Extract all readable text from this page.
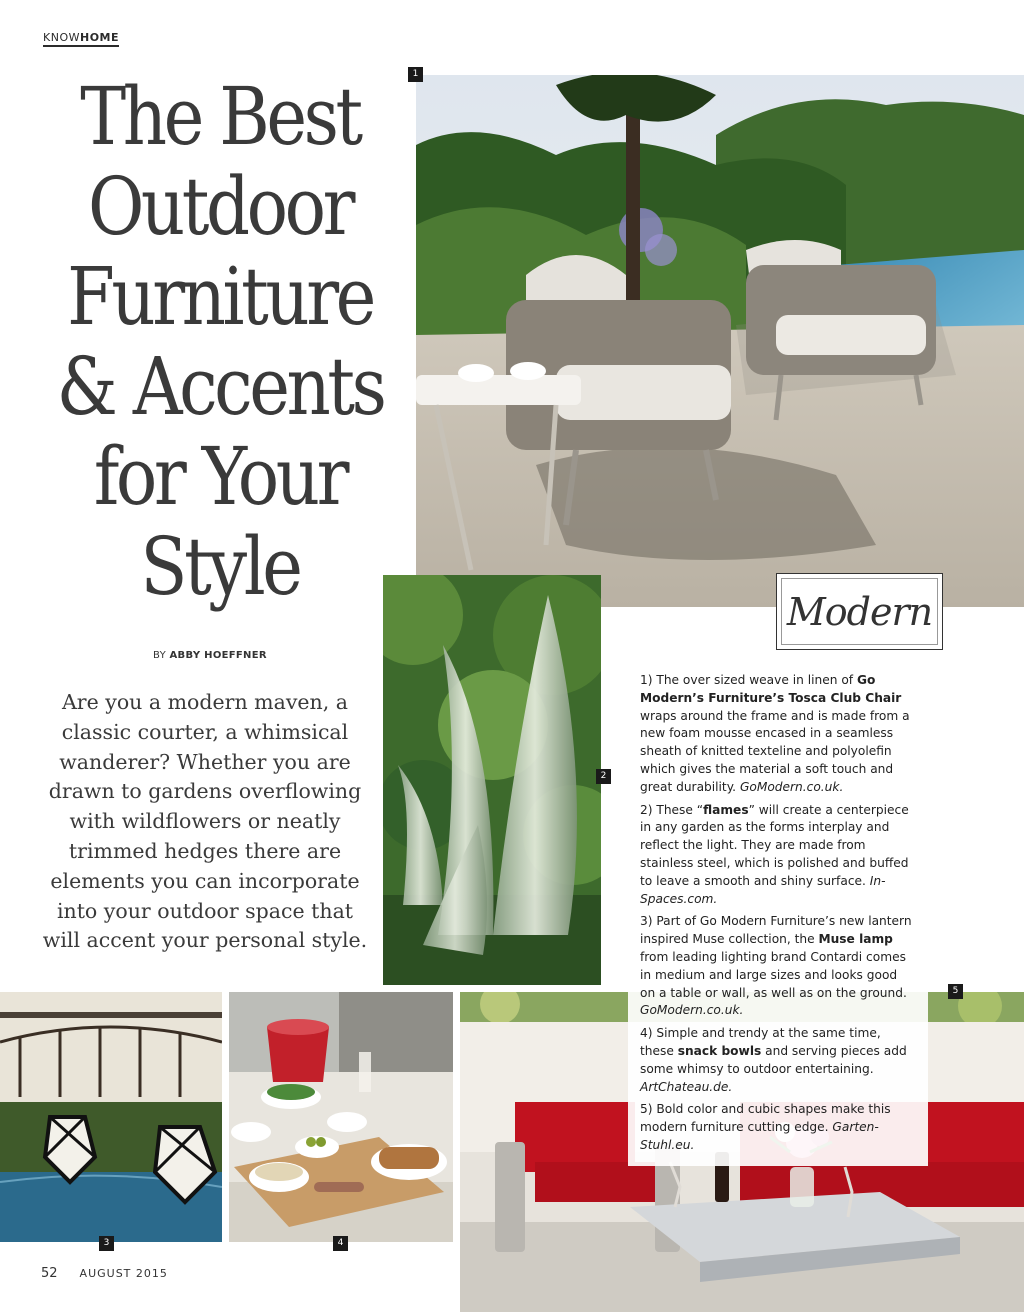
KNOWHOME
The Best
Outdoor
Furniture
& Accents
for Your
Style
BY ABBY HOEFFNER

Are you a modern maven, a classic courter, a whimsical wanderer? Whether you are drawn to gardens overflowing with wildflowers or neatly trimmed hedges there are elements you can incorporate into your outdoor space that will accent your personal style.

1
2
Modern
3	4
5

1) The over sized weave in linen of Go Modern’s Furniture’s Tosca Club Chair wraps around the frame and is made from a new foam mousse encased in a seamless sheath of knitted texteline and polyolefin which gives the material a soft touch and great durability. GoModern.co.uk.

2) These “flames” will create a centerpiece in any garden as the forms interplay and reflect the light. They are made from stainless steel, which is polished and buffed to leave a smooth and shiny surface. In-Spaces.com.

3) Part of Go Modern Furniture’s new lantern inspired Muse collection, the Muse lamp from leading lighting brand Contardi comes in medium and large sizes and looks good on a table or wall, as well as on the ground. GoModern.co.uk.

4) Simple and trendy at the same time, these snack bowls and serving pieces add some whimsy to outdoor entertaining. ArtChateau.de.

5) Bold color and cubic shapes make this modern furniture cutting edge. Garten-Stuhl.eu.

52 AUGUST 2015
